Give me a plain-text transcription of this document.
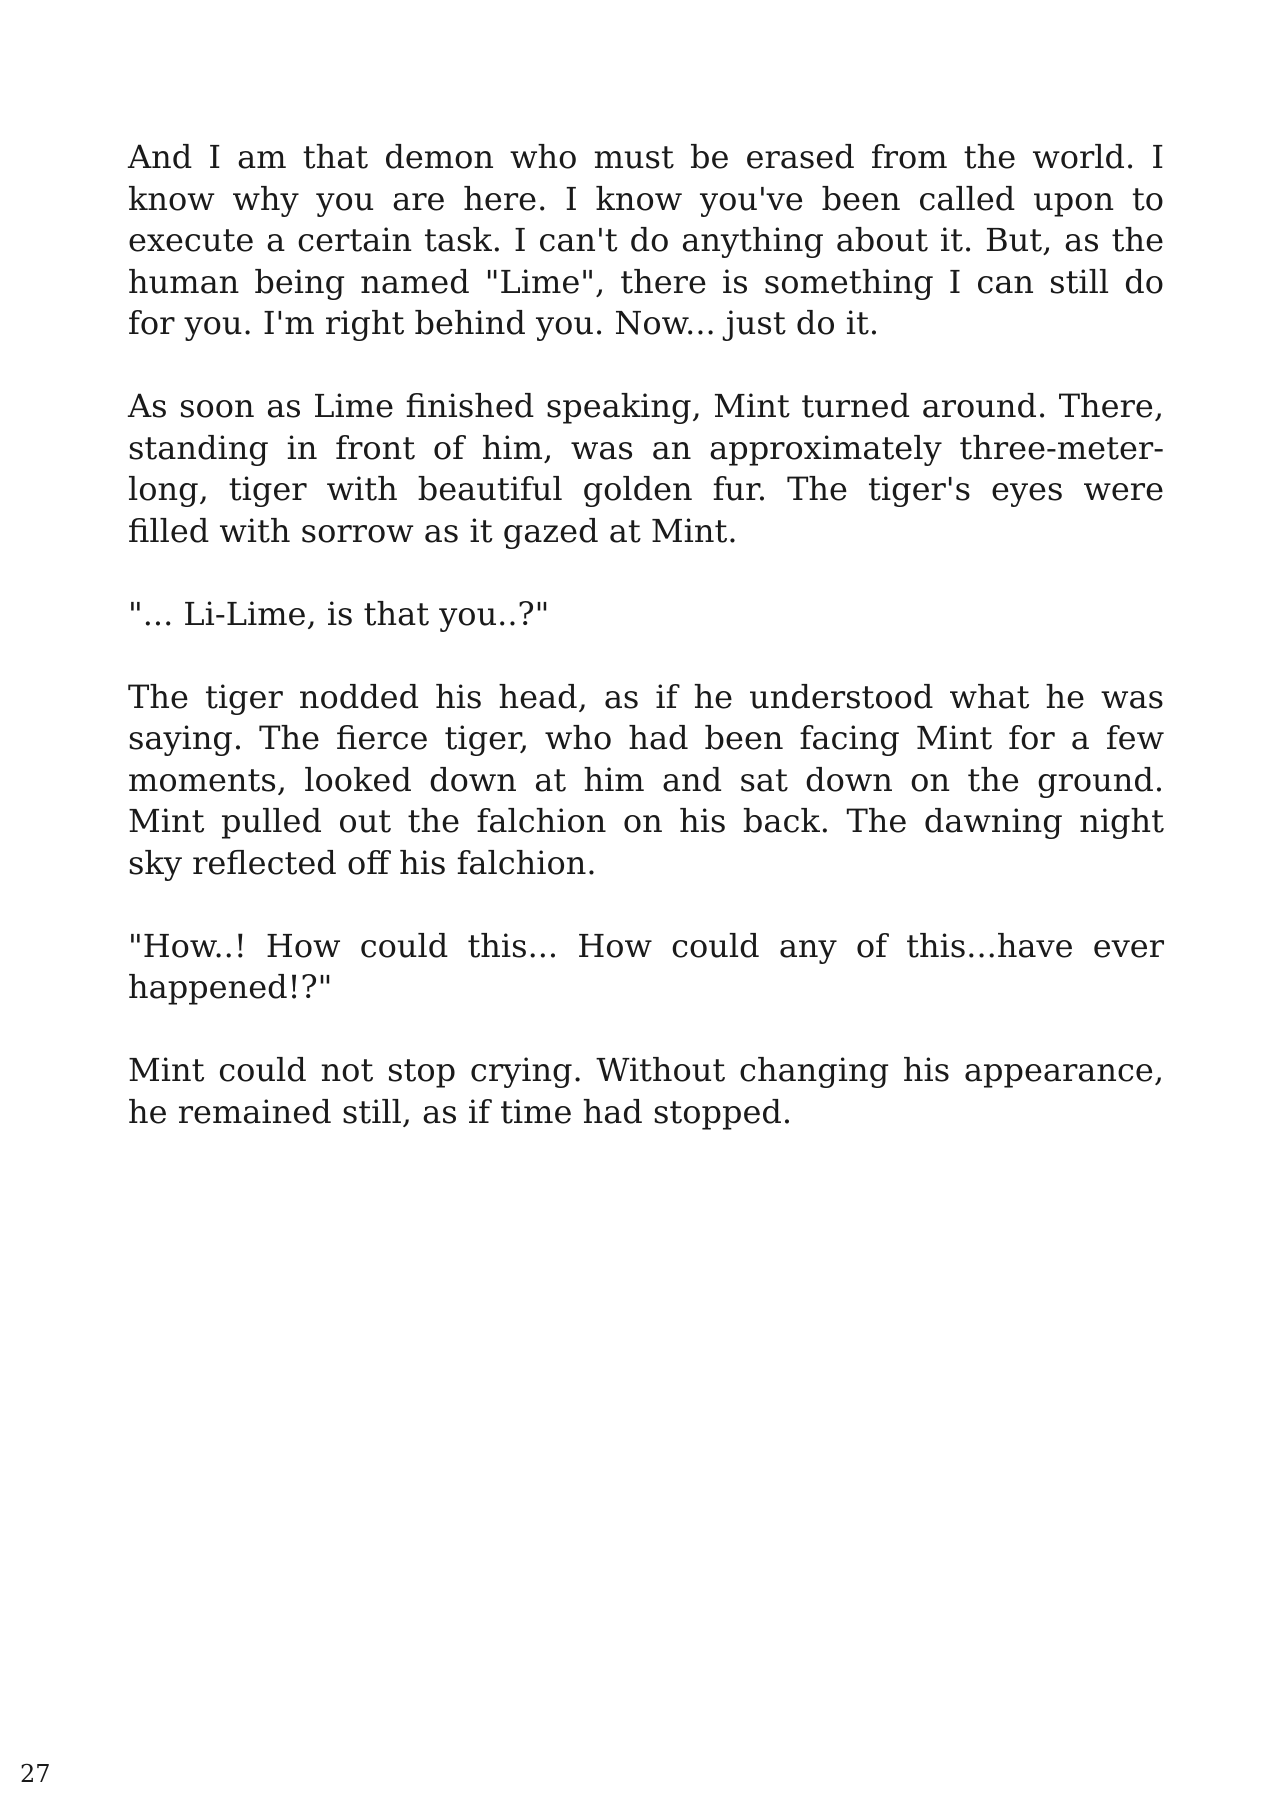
And I am that demon who must be erased from the world. I know why you are here. I know you've been called upon to execute a certain task. I can't do anything about it. But, as the human being named "Lime", there is something I can still do for you. I'm right behind you. Now... just do it.

As soon as Lime finished speaking, Mint turned around. There, standing in front of him, was an approximately three-meter-long, tiger with beautiful golden fur. The tiger's eyes were filled with sorrow as it gazed at Mint.

"... Li-Lime, is that you..?"

The tiger nodded his head, as if he understood what he was saying. The fierce tiger, who had been facing Mint for a few moments, looked down at him and sat down on the ground. Mint pulled out the falchion on his back. The dawning night sky reflected off his falchion.

"How..! How could this... How could any of this...have ever happened!?"

Mint could not stop crying. Without changing his appearance, he remained still, as if time had stopped.

27
